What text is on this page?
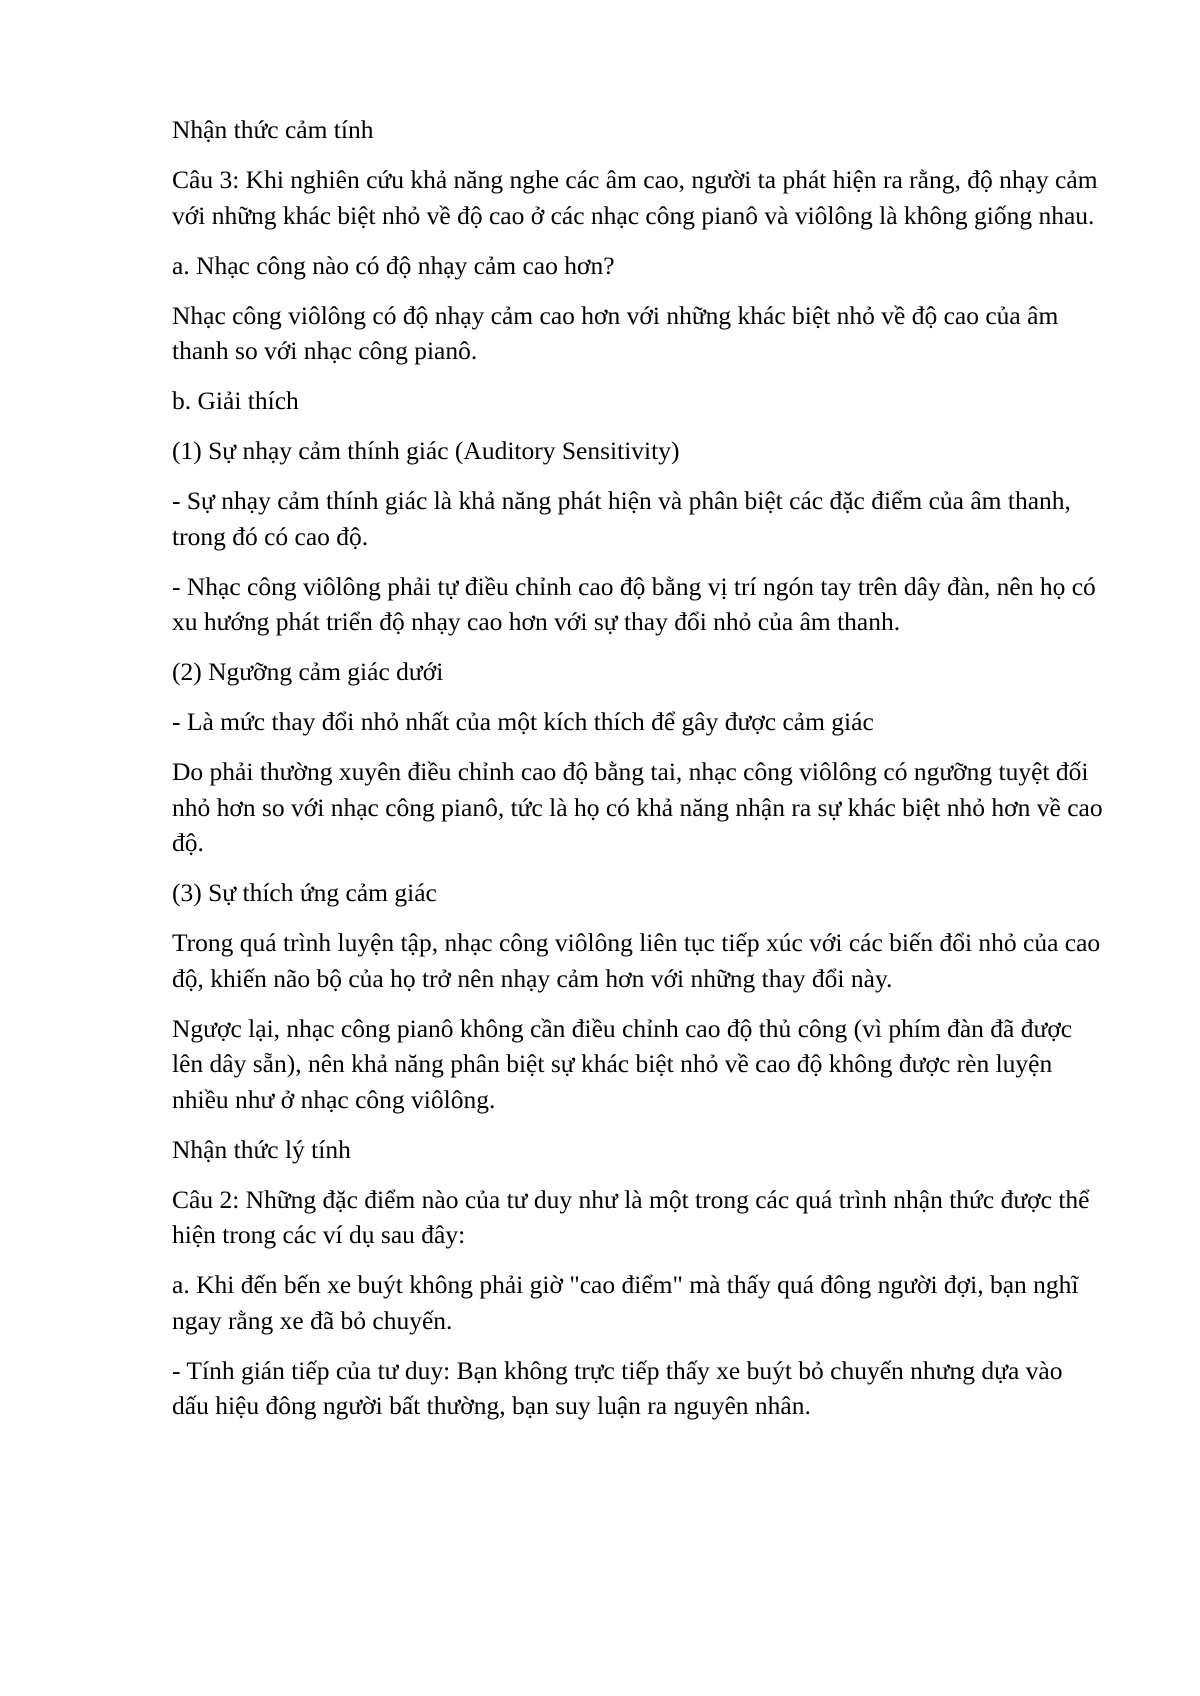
Nhận thức cảm tính

Câu 3: Khi nghiên cứu khả năng nghe các âm cao, người ta phát hiện ra rằng, độ nhạy cảm với những khác biệt nhỏ về độ cao ở các nhạc công pianô và viôlông là không giống nhau.

a. Nhạc công nào có độ nhạy cảm cao hơn?

Nhạc công viôlông có độ nhạy cảm cao hơn với những khác biệt nhỏ về độ cao của âm thanh so với nhạc công pianô.

b. Giải thích

(1) Sự nhạy cảm thính giác (Auditory Sensitivity)

- Sự nhạy cảm thính giác là khả năng phát hiện và phân biệt các đặc điểm của âm thanh, trong đó có cao độ.

- Nhạc công viôlông phải tự điều chỉnh cao độ bằng vị trí ngón tay trên dây đàn, nên họ có xu hướng phát triển độ nhạy cao hơn với sự thay đổi nhỏ của âm thanh.

(2) Ngưỡng cảm giác dưới

- Là mức thay đổi nhỏ nhất của một kích thích để gây được cảm giác

Do phải thường xuyên điều chỉnh cao độ bằng tai, nhạc công viôlông có ngưỡng tuyệt đối nhỏ hơn so với nhạc công pianô, tức là họ có khả năng nhận ra sự khác biệt nhỏ hơn về cao độ.

(3) Sự thích ứng cảm giác

Trong quá trình luyện tập, nhạc công viôlông liên tục tiếp xúc với các biến đổi nhỏ của cao độ, khiến não bộ của họ trở nên nhạy cảm hơn với những thay đổi này.

Ngược lại, nhạc công pianô không cần điều chỉnh cao độ thủ công (vì phím đàn đã được lên dây sẵn), nên khả năng phân biệt sự khác biệt nhỏ về cao độ không được rèn luyện nhiều như ở nhạc công viôlông.

Nhận thức lý tính

Câu 2: Những đặc điểm nào của tư duy như là một trong các quá trình nhận thức được thể hiện trong các ví dụ sau đây:

a. Khi đến bến xe buýt không phải giờ "cao điểm" mà thấy quá đông người đợi, bạn nghĩ ngay rằng xe đã bỏ chuyến.

- Tính gián tiếp của tư duy: Bạn không trực tiếp thấy xe buýt bỏ chuyến nhưng dựa vào dấu hiệu đông người bất thường, bạn suy luận ra nguyên nhân.
